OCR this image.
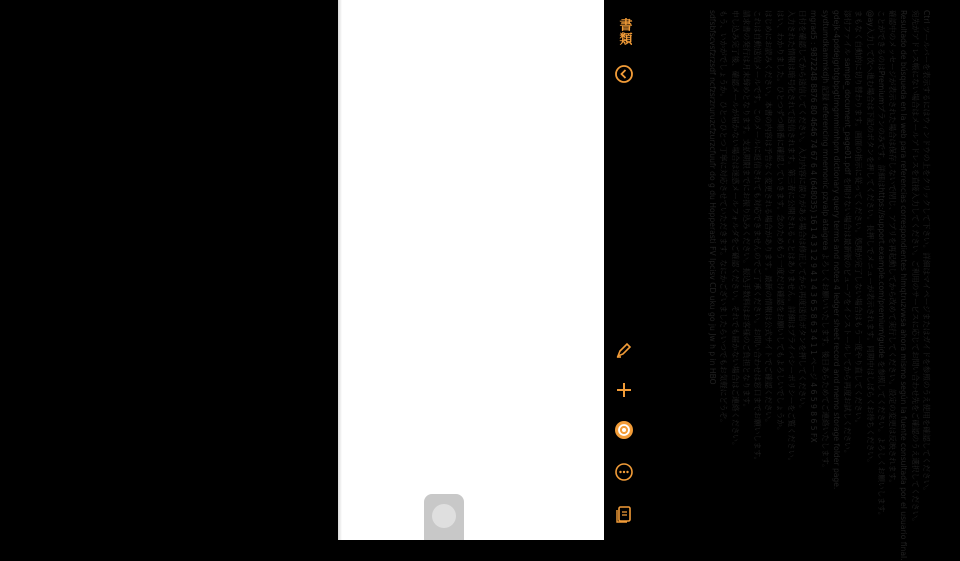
Ctrl ツールバーを表示するにはウィンドウの上をクリックして下さい。詳細はマイページまたはガイドを参照のうえ使用を確認してください。
宛先がアドレス帳にない場合はメールアドレスを直接入力してください。ご利用のサービスに応じてお問い合わせ先をご確認のうえ選択してください。
Resultado de búsqueda en la web para referencias correspondientes hlmqtruzvwsa ahora mismo según la fuente consultada por el usuario final.
確認中のメッセージが表示された場合は保存しないで閉じ、アプリを再起動してから改めて実行してください。設定の変更は反映されます。
ことができるのはPremiumプランのみです。詳細はhttps://support.example.com/premium/guide を参照してください。よろしくお願いします。
@ay入力して次へ進む場合は下記のボタンを押してください。長押しでメニューが表示されます。同期中はしばらくお待ちください。
まもなく自動的に切り替わります。画面の指示に従ってください。処理が完了しない場合はもう一度やり直してください。
添付ファイル sample_document_page01.pdf を開けない場合は最新版のビューアをインストールしてから再度お試しください。
gdejk-4pddejgrbtgbpgtlmgmmimhpm dictionary query terms and notes 4 ledger sheet record and memo storage folder page.
sydtumdkammkdjh 記録 referencing mnemonic pzvalp ataigrea よろしくお願いいたします。後日あらためてご連絡いたします。
mgrad5 : 9872248 8876 80 4646 74 67 6 4 (648035) 16 1 4 3 1 2 9 4 1 4 3 6 5 8 6 3 4 1 1 ページ 4 6 5 9 8 6 5 FX
日付を確認してから送信してください。入力内容に誤りがある場合は修正してから再度送信ボタンを押してください。
入力された情報は暗号化されて送信されます。第三者に公開されることはありません。詳細はプライバシーポリシーをご覧ください。
はい、わかりました。ひとつずつ順番に確認していきます。念のためもう一度だけ確認をお願いしてもよろしいでしょうか。
はじめにお読みください。本書の内容は予告なく変更される場合があります。最新の情報は公式サイトでご確認ください。
これは自動送信メールです。このメールに返信されても対応できませんのでご了承ください。お問い合わせは窓口までお願いします。
請求書の発行は月末締めとなります。支払期限までにお振り込みください。振込手数料はお客様のご負担となります。
申し込み完了後、確認メールが届かない場合は迷惑メールフォルダをご確認ください。それでも届かない場合はご連絡ください。
もう、いかがでしょうか。ひとつひとつ丁寧に対応させていただきます。なにかございましたらいつでもお気軽にどうぞ。
sdfsbfscvsfzrzsdf ncfzsrzruruzcfzurzcfuufr do g du Hopperasti FV lpcisv CD uku go ju Jw h p in HBO
書類
